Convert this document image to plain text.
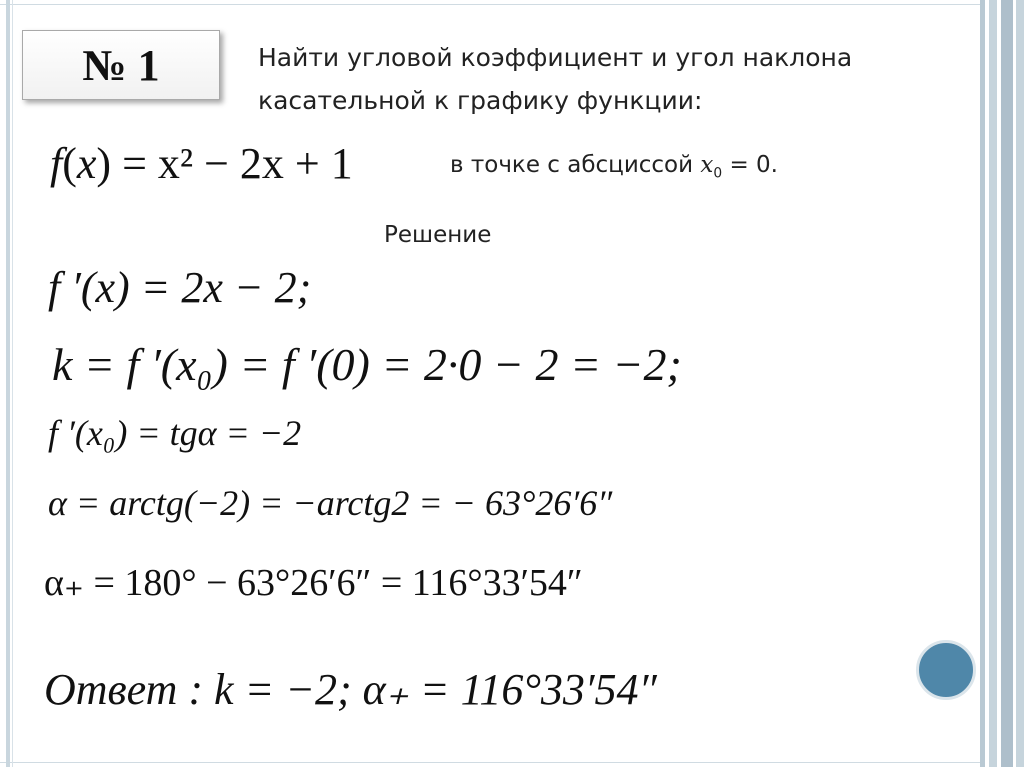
№ 1	Найти угловой коэффициент и угол наклона
касательной к графику функции:
f(x) = x² − 2x + 1	в точке с абсциссой $x_0 = 0$.
Решение
f ′(x) = 2x − 2;
k = f ′(x₀) = f ′(0) = 2·0 − 2 = −2;
f ′(x₀) = tgα = −2
α = arctg(−2) = −arctg2 = − 63°26′6″
α₊ = 180° − 63°26′6″ = 116°33′54″
Ответ : k = −2; α₊ = 116°33′54″
